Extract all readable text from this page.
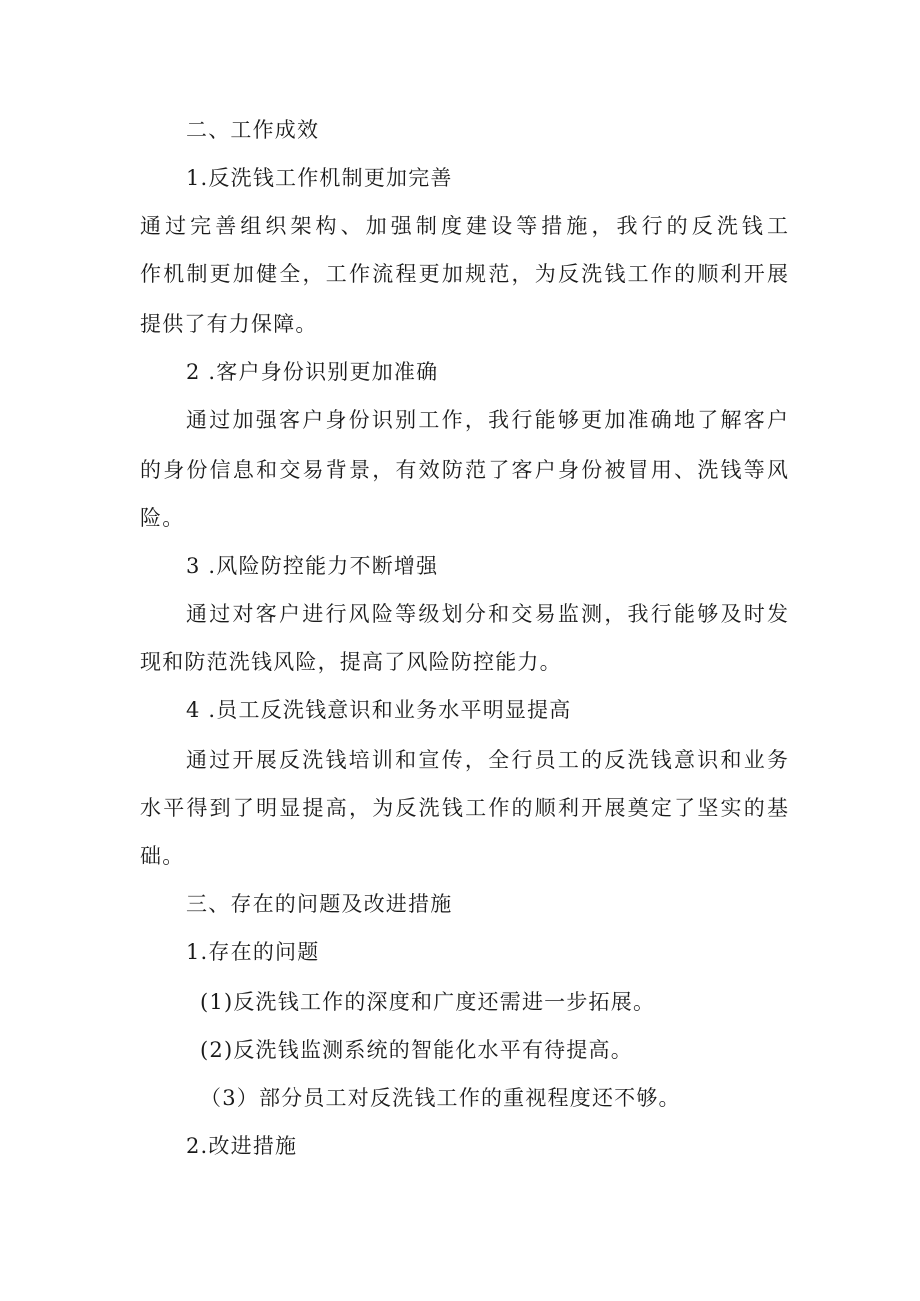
二、工作成效
1.反洗钱工作机制更加完善
通过完善组织架构、加强制度建设等措施，我行的反洗钱工
作机制更加健全，工作流程更加规范，为反洗钱工作的顺利开展
提供了有力保障。
2 .客户身份识别更加准确
通过加强客户身份识别工作，我行能够更加准确地了解客户
的身份信息和交易背景，有效防范了客户身份被冒用、洗钱等风
险。
3 .风险防控能力不断增强
通过对客户进行风险等级划分和交易监测，我行能够及时发
现和防范洗钱风险，提高了风险防控能力。
4 .员工反洗钱意识和业务水平明显提高
通过开展反洗钱培训和宣传，全行员工的反洗钱意识和业务
水平得到了明显提高，为反洗钱工作的顺利开展奠定了坚实的基
础。
三、存在的问题及改进措施
1.存在的问题
(1)反洗钱工作的深度和广度还需进一步拓展。
(2)反洗钱监测系统的智能化水平有待提高。
（3）部分员工对反洗钱工作的重视程度还不够。
2.改进措施
